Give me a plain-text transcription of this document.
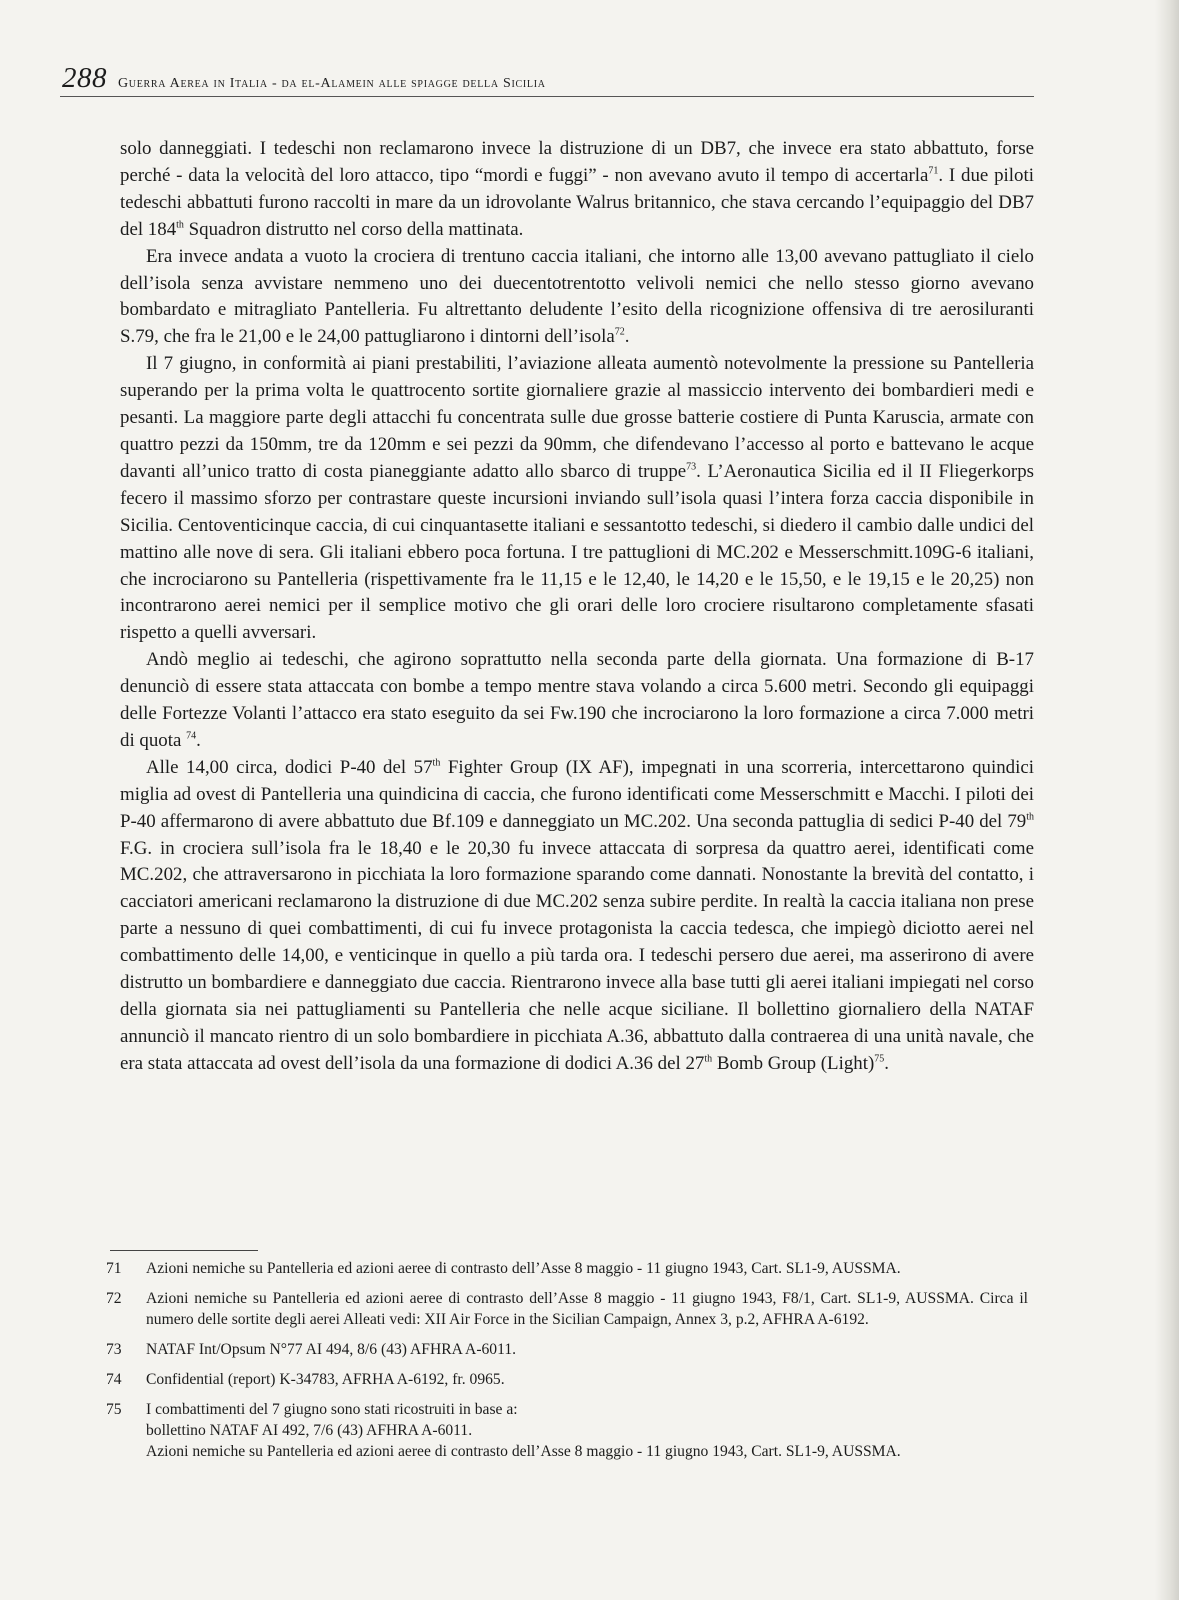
288 Guerra Aerea in Italia - da el-Alamein alle spiagge della Sicilia

solo danneggiati. I tedeschi non reclamarono invece la distruzione di un DB7, che invece era stato abbattuto, forse perché - data la velocità del loro attacco, tipo “mordi e fuggi” - non avevano avuto il tempo di accertarla$^{71}$. I due piloti tedeschi abbattuti furono raccolti in mare da un idrovolante Walrus britannico, che stava cercando l’equipaggio del DB7 del 184th Squadron distrutto nel corso della mattinata.

Era invece andata a vuoto la crociera di trentuno caccia italiani, che intorno alle 13,00 avevano pattugliato il cielo dell’isola senza avvistare nemmeno uno dei duecentotrentotto velivoli nemici che nello stesso giorno avevano bombardato e mitragliato Pantelleria. Fu altrettanto deludente l’esito della ricognizione offensiva di tre aerosiluranti S.79, che fra le 21,00 e le 24,00 pattugliarono i dintorni dell’isola$^{72}$.

Il 7 giugno, in conformità ai piani prestabiliti, l’aviazione alleata aumentò notevolmente la pressione su Pantelleria superando per la prima volta le quattrocento sortite giornaliere grazie al massiccio intervento dei bombardieri medi e pesanti. La maggiore parte degli attacchi fu concentrata sulle due grosse batterie costiere di Punta Karuscia, armate con quattro pezzi da 150mm, tre da 120mm e sei pezzi da 90mm, che difendevano l’accesso al porto e battevano le acque davanti all’unico tratto di costa pianeggiante adatto allo sbarco di truppe$^{73}$. L’Aeronautica Sicilia ed il II Fliegerkorps fecero il massimo sforzo per contrastare queste incursioni inviando sull’isola quasi l’intera forza caccia disponibile in Sicilia. Centoventicinque caccia, di cui cinquantasette italiani e sessantotto tedeschi, si diedero il cambio dalle undici del mattino alle nove di sera. Gli italiani ebbero poca fortuna. I tre pattuglioni di MC.202 e Messerschmitt.109G-6 italiani, che incrociarono su Pantelleria (rispettivamente fra le 11,15 e le 12,40, le 14,20 e le 15,50, e le 19,15 e le 20,25) non incontrarono aerei nemici per il semplice motivo che gli orari delle loro crociere risultarono completamente sfasati rispetto a quelli avversari.

Andò meglio ai tedeschi, che agirono soprattutto nella seconda parte della giornata. Una formazione di B-17 denunciò di essere stata attaccata con bombe a tempo mentre stava volando a circa 5.600 metri. Secondo gli equipaggi delle Fortezze Volanti l’attacco era stato eseguito da sei Fw.190 che incrociarono la loro formazione a circa 7.000 metri di quota $^{74}$.

Alle 14,00 circa, dodici P-40 del 57th Fighter Group (IX AF), impegnati in una scorreria, intercettarono quindici miglia ad ovest di Pantelleria una quindicina di caccia, che furono identificati come Messerschmitt e Macchi. I piloti dei P-40 affermarono di avere abbattuto due Bf.109 e danneggiato un MC.202. Una seconda pattuglia di sedici P-40 del 79th F.G. in crociera sull’isola fra le 18,40 e le 20,30 fu invece attaccata di sorpresa da quattro aerei, identificati come MC.202, che attraversarono in picchiata la loro formazione sparando come dannati. Nonostante la brevità del contatto, i cacciatori americani reclamarono la distruzione di due MC.202 senza subire perdite. In realtà la caccia italiana non prese parte a nessuno di quei combattimenti, di cui fu invece protagonista la caccia tedesca, che impiegò diciotto aerei nel combattimento delle 14,00, e venticinque in quello a più tarda ora. I tedeschi persero due aerei, ma asserirono di avere distrutto un bombardiere e danneggiato due caccia. Rientrarono invece alla base tutti gli aerei italiani impiegati nel corso della giornata sia nei pattugliamenti su Pantelleria che nelle acque siciliane. Il bollettino giornaliero della NATAF annunciò il mancato rientro di un solo bombardiere in picchiata A.36, abbattuto dalla contraerea di una unità navale, che era stata attaccata ad ovest dell’isola da una formazione di dodici A.36 del 27th Bomb Group (Light)$^{75}$.

71 Azioni nemiche su Pantelleria ed azioni aeree di contrasto dell’Asse 8 maggio - 11 giugno 1943, Cart. SL1-9, AUSSMA.
72 Azioni nemiche su Pantelleria ed azioni aeree di contrasto dell’Asse 8 maggio - 11 giugno 1943, F8/1, Cart. SL1-9, AUSSMA. Circa il numero delle sortite degli aerei Alleati vedi: XII Air Force in the Sicilian Campaign, Annex 3, p.2, AFHRA A-6192.
73 NATAF Int/Opsum N°77 AI 494, 8/6 (43) AFHRA A-6011.
74 Confidential (report) K-34783, AFRHA A-6192, fr. 0965.
75 I combattimenti del 7 giugno sono stati ricostruiti in base a:
bollettino NATAF AI 492, 7/6 (43) AFHRA A-6011.
Azioni nemiche su Pantelleria ed azioni aeree di contrasto dell’Asse 8 maggio - 11 giugno 1943, Cart. SL1-9, AUSSMA.
